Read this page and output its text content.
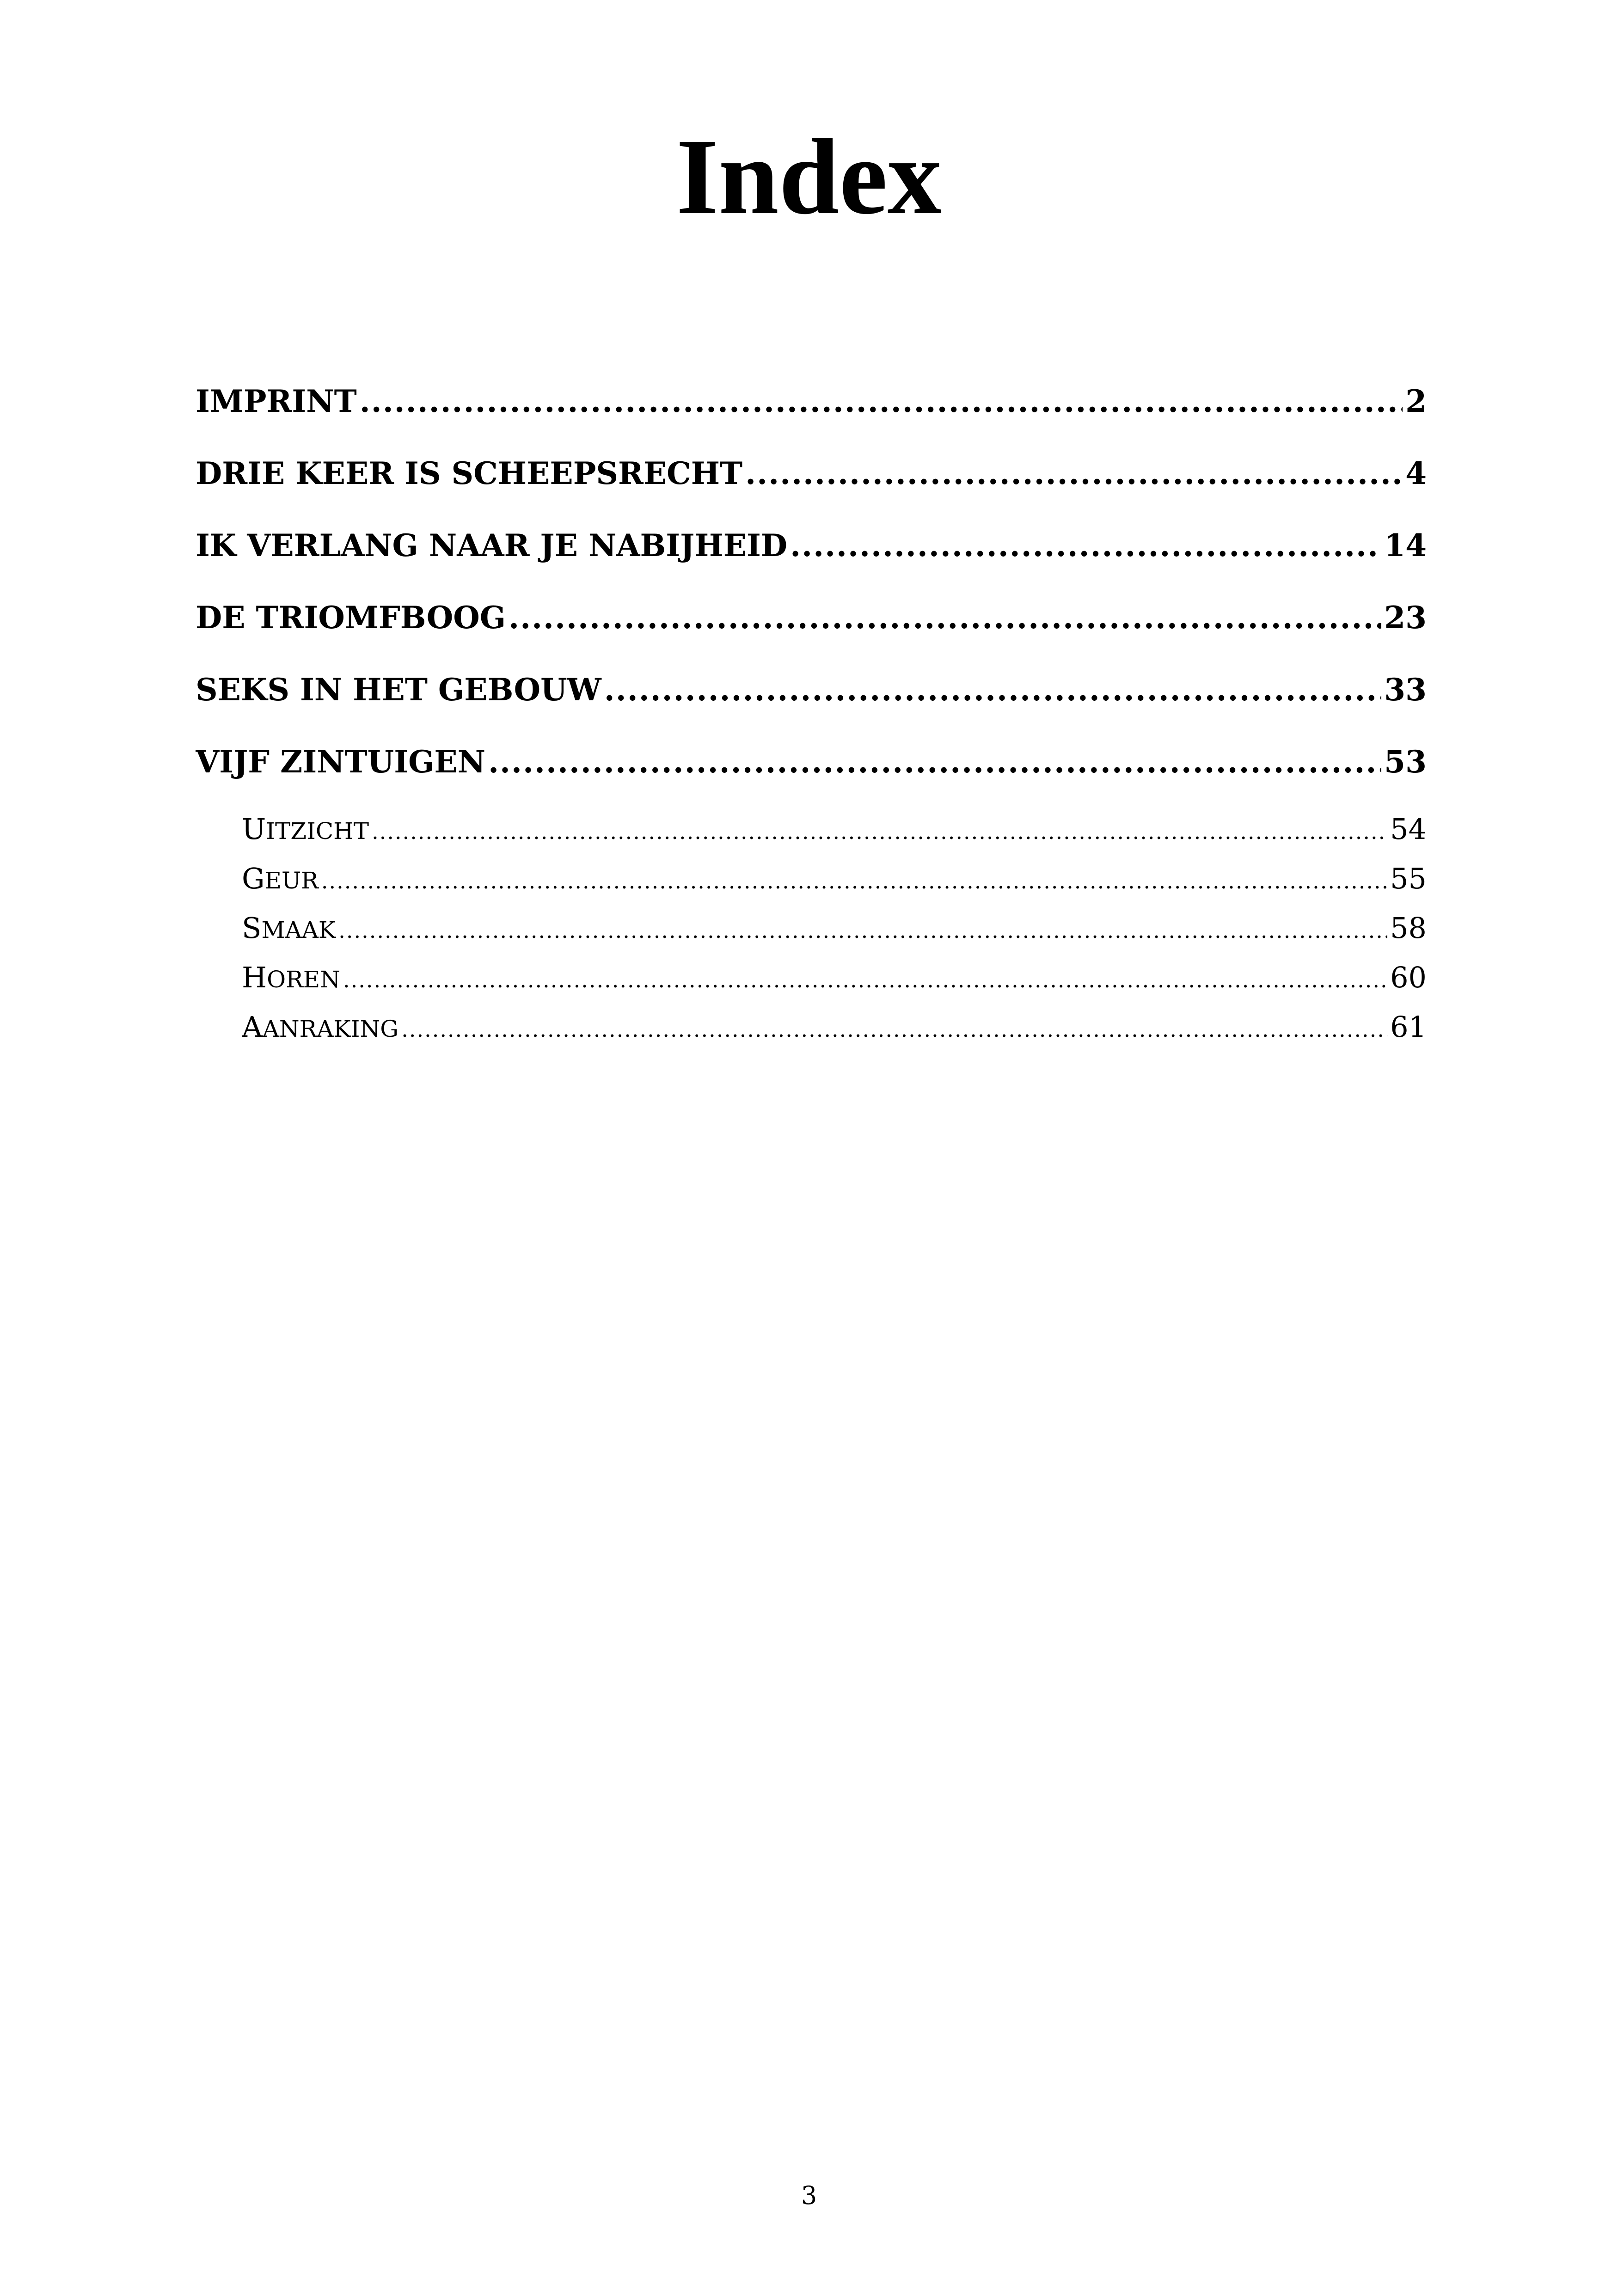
Index
IMPRINT .....	2
DRIE KEER IS SCHEEPSRECHT .....	4
IK VERLANG NAAR JE NABIJHEID .....	14
DE TRIOMFBOOG .....	23
SEKS IN HET GEBOUW .....	33
VIJF ZINTUIGEN .....	53
UITZICHT .....	54
GEUR .....	55
SMAAK .....	58
HOREN .....	60
AANRAKING .....	61
3
